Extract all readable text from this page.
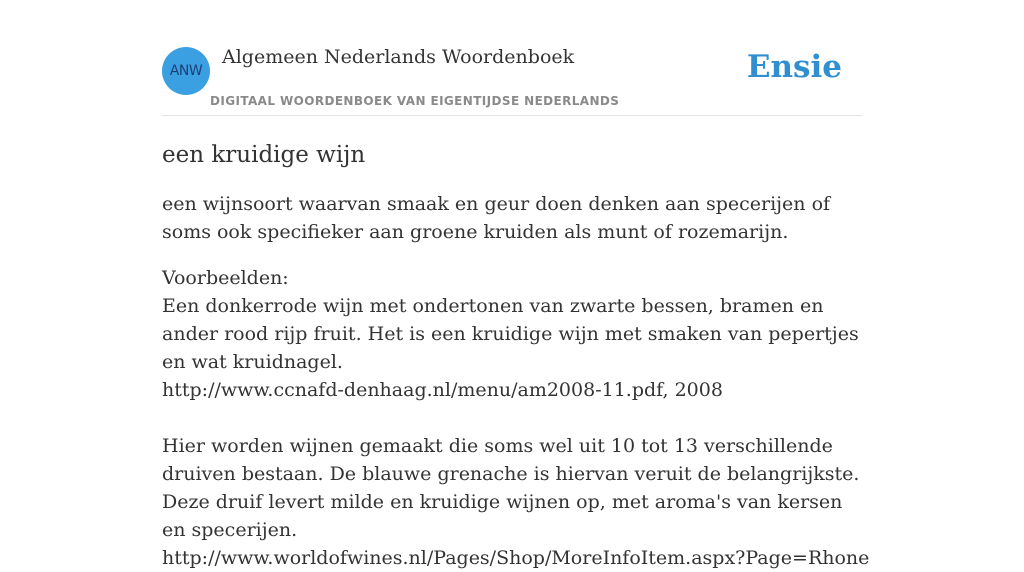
ANW
Algemeen Nederlands Woordenboek
DIGITAAL WOORDENBOEK VAN EIGENTIJDSE NEDERLANDS
Ensie
een kruidige wijn

een wijnsoort waarvan smaak en geur doen denken aan specerijen of soms ook specifieker aan groene kruiden als munt of rozemarijn.

Voorbeelden:

Een donkerrode wijn met ondertonen van zwarte bessen, bramen en ander rood rijp fruit. Het is een kruidige wijn met smaken van pepertjes en wat kruidnagel.

http://www.ccnafd-denhaag.nl/menu/am2008-11.pdf, 2008

Hier worden wijnen gemaakt die soms wel uit 10 tot 13 verschillende druiven bestaan. De blauwe grenache is hiervan veruit de belangrijkste. Deze druif levert milde en kruidige wijnen op, met aroma's van kersen en specerijen.

http://www.worldofwines.nl/Pages/Shop/MoreInfoItem.aspx?Page=Rhone
